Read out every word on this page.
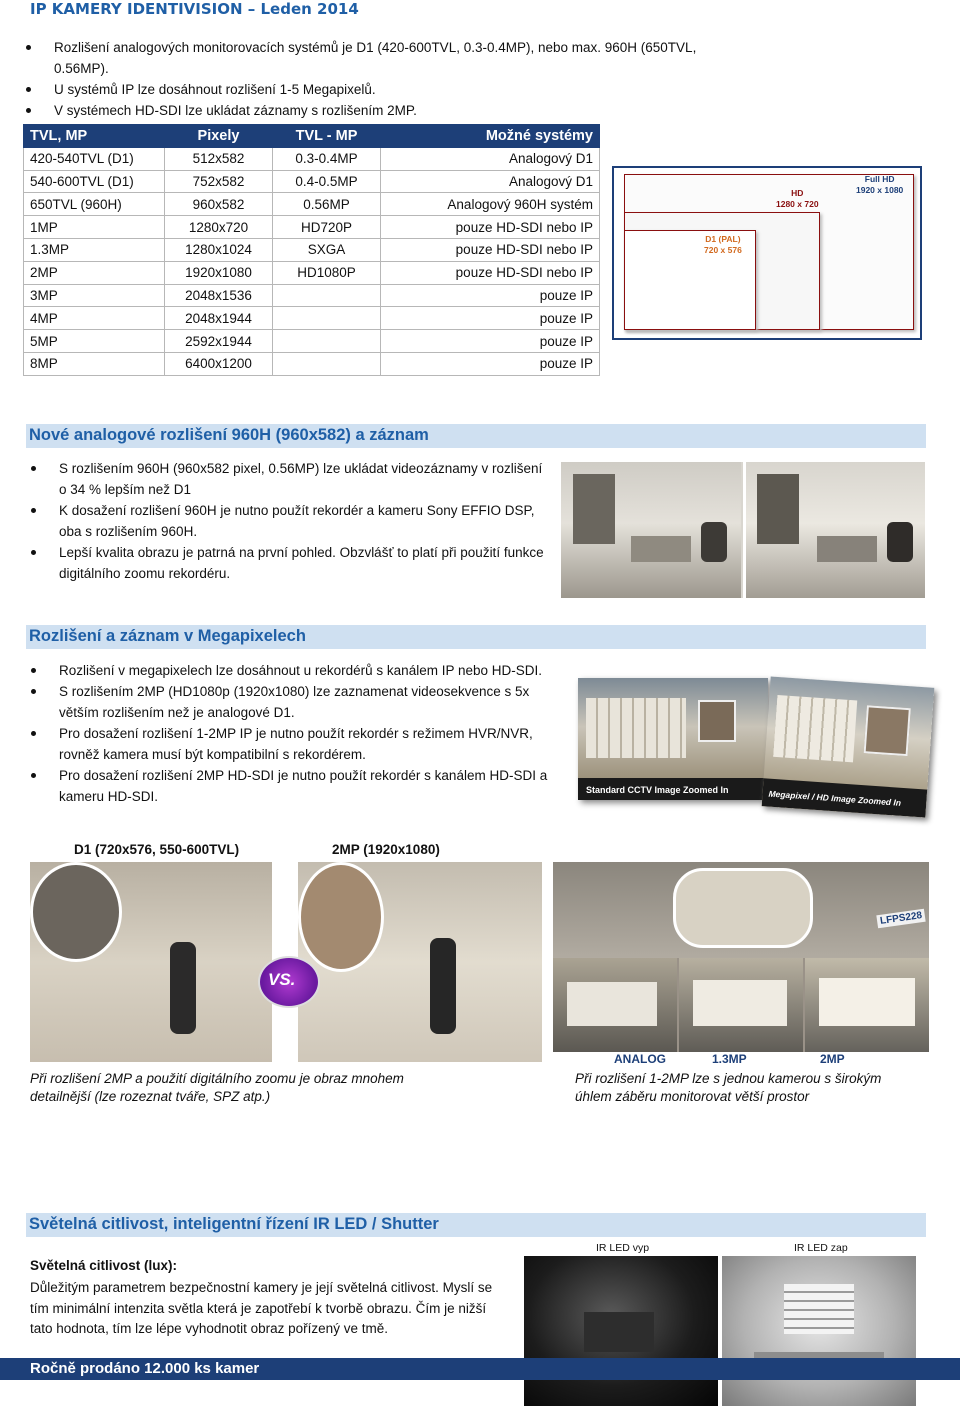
IP KAMERY IDENTIVISION – Leden 2014
Rozlišení analogových monitorovacích systémů je D1 (420-600TVL, 0.3-0.4MP), nebo max. 960H (650TVL, 0.56MP).
U systémů IP lze dosáhnout rozlišení 1-5 Megapixelů.
V systémech HD-SDI lze ukládat záznamy s rozlišením 2MP.
TVL, MP	Pixely	TVL - MP	Možné systémy
420-540TVL (D1)	512x582	0.3-0.4MP	Analogový D1
540-600TVL (D1)	752x582	0.4-0.5MP	Analogový D1
650TVL (960H)	960x582	0.56MP	Analogový 960H systém
1MP	1280x720	HD720P	pouze HD-SDI nebo IP
1.3MP	1280x1024	SXGA	pouze HD-SDI nebo IP
2MP	1920x1080	HD1080P	pouze HD-SDI nebo IP
3MP	2048x1536		pouze IP
4MP	2048x1944		pouze IP
5MP	2592x1944		pouze IP
8MP	6400x1200		pouze IP
Full HD
1920 x 1080
HD
1280 x 720
D1 (PAL)
720 x 576
Nové analogové rozlišení 960H (960x582) a záznam
S rozlišením 960H (960x582 pixel, 0.56MP) lze ukládat videozáznamy v rozlišení o 34 % lepším než D1
K dosažení rozlišení 960H je nutno použít rekordér a kameru Sony EFFIO DSP, oba s rozlišením 960H.
Lepší kvalita obrazu je patrná na první pohled. Obzvlášť to platí při použití funkce digitálního zoomu rekordéru.
Rozlišení a záznam v Megapixelech
Rozlišení v megapixelech lze dosáhnout u rekordérů s kanálem IP nebo HD-SDI.
S rozlišením 2MP (HD1080p (1920x1080) lze zaznamenat videosekvence s 5x větším rozlišením než je analogové D1.
Pro dosažení rozlišení 1-2MP IP je nutno použít rekordér s režimem HVR/NVR, rovněž kamera musí být kompatibilní s rekordérem.
Pro dosažení rozlišení 2MP HD-SDI je nutno použít rekordér s kanálem HD-SDI a kameru HD-SDI.	Standard CCTV Image Zoomed In	Megapixel / HD Image Zoomed In
D1 (720x576, 550-600TVL)	2MP (1920x1080)
VS.
LFPS228
ANALOG	1.3MP	2MP
Při rozlišení 2MP a použití digitálního zoomu je obraz mnohem detailnější (lze rozeznat tváře, SPZ atp.)
Při rozlišení 1-2MP lze s jednou kamerou s širokým úhlem záběru monitorovat větší prostor
Světelná citlivost, inteligentní řízení IR LED / Shutter
Světelná citlivost (lux):
Důležitým parametrem bezpečnostní kamery je její světelná citlivost. Myslí se tím minimální intenzita světla která je zapotřebí k tvorbě obrazu. Čím je nižší tato hodnota, tím lze lépe vyhodnotit obraz pořízený ve tmě.
IR LED vyp	IR LED zap
Ročně prodáno 12.000 ks kamer
